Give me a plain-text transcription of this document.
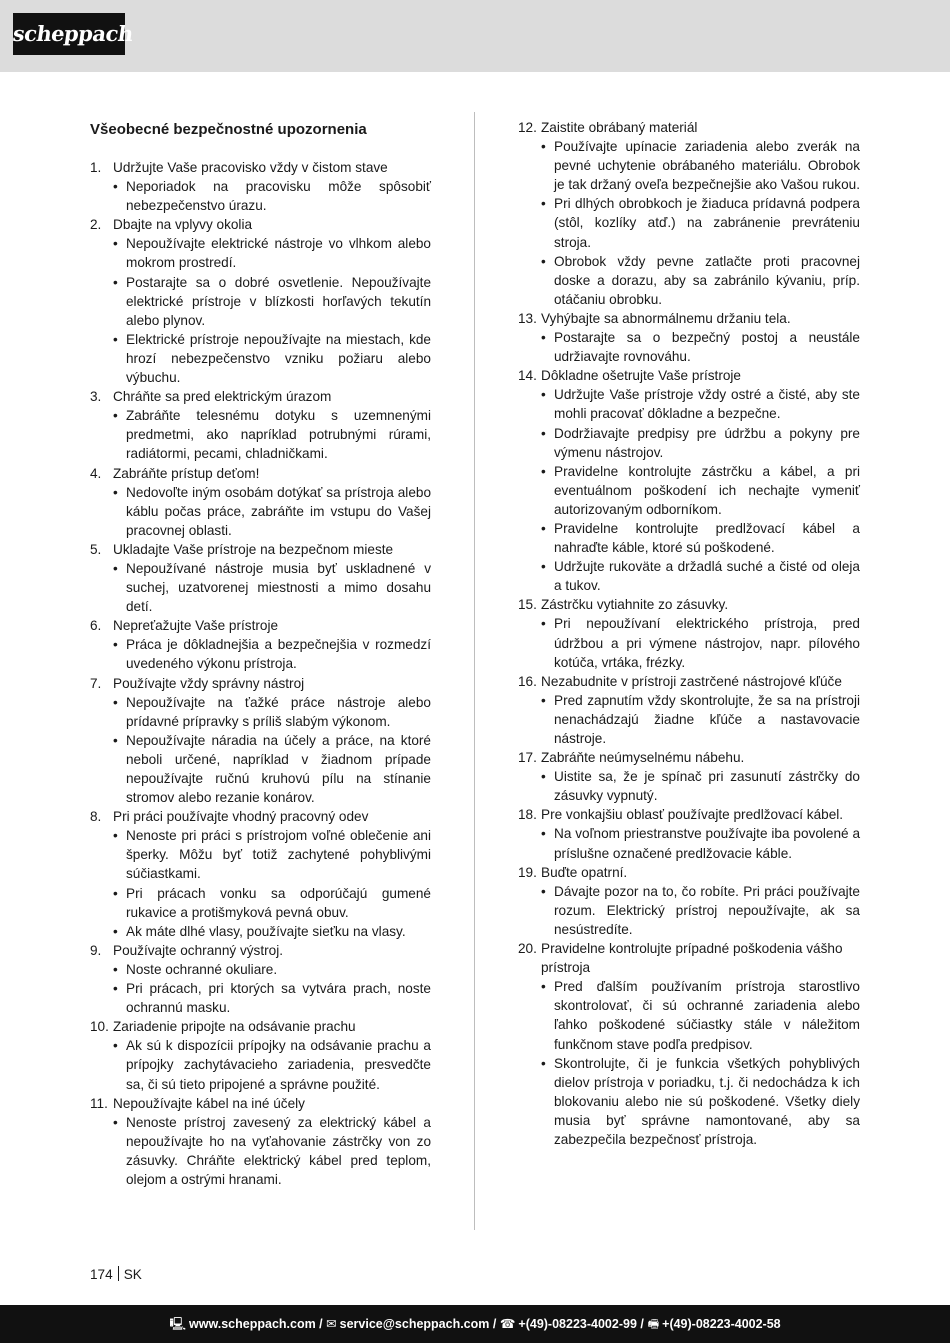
scheppach
Všeobecné bezpečnostné upozornenia
1. Udržujte Vaše pracovisko vždy v čistom stave
• Neporiadok na pracovisku môže spôsobiť nebezpečenstvo úrazu.
2. Dbajte na vplyvy okolia
• Nepoužívajte elektrické nástroje vo vlhkom alebo mokrom prostredí.
• Postarajte sa o dobré osvetlenie. Nepoužívajte elektrické prístroje v blízkosti horľavých tekutín alebo plynov.
• Elektrické prístroje nepoužívajte na miestach, kde hrozí nebezpečenstvo vzniku požiaru alebo výbuchu.
3. Chráňte sa pred elektrickým úrazom
• Zabráňte telesnému dotyku s uzemnenými predmetmi, ako napríklad potrubnými rúrami, radiátormi, pecami, chladničkami.
4. Zabráňte prístup deťom!
• Nedovoľte iným osobám dotýkať sa prístroja alebo káblu počas práce, zabráňte im vstupu do Vašej pracovnej oblasti.
5. Ukladajte Vaše prístroje na bezpečnom mieste
• Nepoužívané nástroje musia byť uskladnené v suchej, uzatvorenej miestnosti a mimo dosahu detí.
6. Nepreťažujte Vaše prístroje
• Práca je dôkladnejšia a bezpečnejšia v rozmedzí uvedeného výkonu prístroja.
7. Používajte vždy správny nástroj
• Nepoužívajte na ťažké práce nástroje alebo prídavné prípravky s príliš slabým výkonom.
• Nepoužívajte náradia na účely a práce, na ktoré neboli určené, napríklad v žiadnom prípade nepoužívajte ručnú kruhovú pílu na stínanie stromov alebo rezanie konárov.
8. Pri práci používajte vhodný pracovný odev
• Nenoste pri práci s prístrojom voľné oblečenie ani šperky. Môžu byť totiž zachytené pohyblivými súčiastkami.
• Pri prácach vonku sa odporúčajú gumené rukavice a protišmyková pevná obuv.
• Ak máte dlhé vlasy, používajte sieťku na vlasy.
9. Používajte ochranný výstroj.
• Noste ochranné okuliare.
• Pri prácach, pri ktorých sa vytvára prach, noste ochrannú masku.
10. Zariadenie pripojte na odsávanie prachu
• Ak sú k dispozícii prípojky na odsávanie prachu a prípojky zachytávacieho zariadenia, presvedčte sa, či sú tieto pripojené a správne použité.
11. Nepoužívajte kábel na iné účely
• Nenoste prístroj zavesený za elektrický kábel a nepoužívajte ho na vyťahovanie zástrčky von zo zásuvky. Chráňte elektrický kábel pred teplom, olejom a ostrými hranami.
12. Zaistite obrábaný materiál
• Používajte upínacie zariadenia alebo zverák na pevné uchytenie obrábaného materiálu. Obrobok je tak držaný oveľa bezpečnejšie ako Vašou rukou.
• Pri dlhých obrobkoch je žiaduca prídavná podpera (stôl, kozlíky atď.) na zabránenie prevráteniu stroja.
• Obrobok vždy pevne zatlačte proti pracovnej doske a dorazu, aby sa zabránilo kývaniu, príp. otáčaniu obrobku.
13. Vyhýbajte sa abnormálnemu držaniu tela.
• Postarajte sa o bezpečný postoj a neustále udržiavajte rovnováhu.
14. Dôkladne ošetrujte Vaše prístroje
• Udržujte Vaše prístroje vždy ostré a čisté, aby ste mohli pracovať dôkladne a bezpečne.
• Dodržiavajte predpisy pre údržbu a pokyny pre výmenu nástrojov.
• Pravidelne kontrolujte zástrčku a kábel, a pri eventuálnom poškodení ich nechajte vymeniť autorizovaným odborníkom.
• Pravidelne kontrolujte predlžovací kábel a nahraďte káble, ktoré sú poškodené.
• Udržujte rukoväte a držadlá suché a čisté od oleja a tukov.
15. Zástrčku vytiahnite zo zásuvky.
• Pri nepoužívaní elektrického prístroja, pred údržbou a pri výmene nástrojov, napr. pílového kotúča, vrtáka, frézky.
16. Nezabudnite v prístroji zastrčené nástrojové kľúče
• Pred zapnutím vždy skontrolujte, že sa na prístroji nenachádzajú žiadne kľúče a nastavovacie nástroje.
17. Zabráňte neúmyselnému nábehu.
• Uistite sa, že je spínač pri zasunutí zástrčky do zásuvky vypnutý.
18. Pre vonkajšiu oblasť používajte predlžovací kábel.
• Na voľnom priestranstve používajte iba povolené a príslušne označené predlžovacie káble.
19. Buďte opatrní.
• Dávajte pozor na to, čo robíte. Pri práci používajte rozum. Elektrický prístroj nepoužívajte, ak sa nesústredíte.
20. Pravidelne kontrolujte prípadné poškodenia vášho prístroja
• Pred ďalším používaním prístroja starostlivo skontrolovať, či sú ochranné zariadenia alebo ľahko poškodené súčiastky stále v náležitom funkčnom stave podľa predpisov.
• Skontrolujte, či je funkcia všetkých pohyblivých dielov prístroja v poriadku, t.j. či nedochádza k ich blokovaniu alebo nie sú poškodené. Všetky diely musia byť správne namontované, aby sa zabezpečila bezpečnosť prístroja.
174 SK
🖳 www.scheppach.com / ✉ service@scheppach.com / ☎ +(49)-08223-4002-99 / 🖷 +(49)-08223-4002-58
